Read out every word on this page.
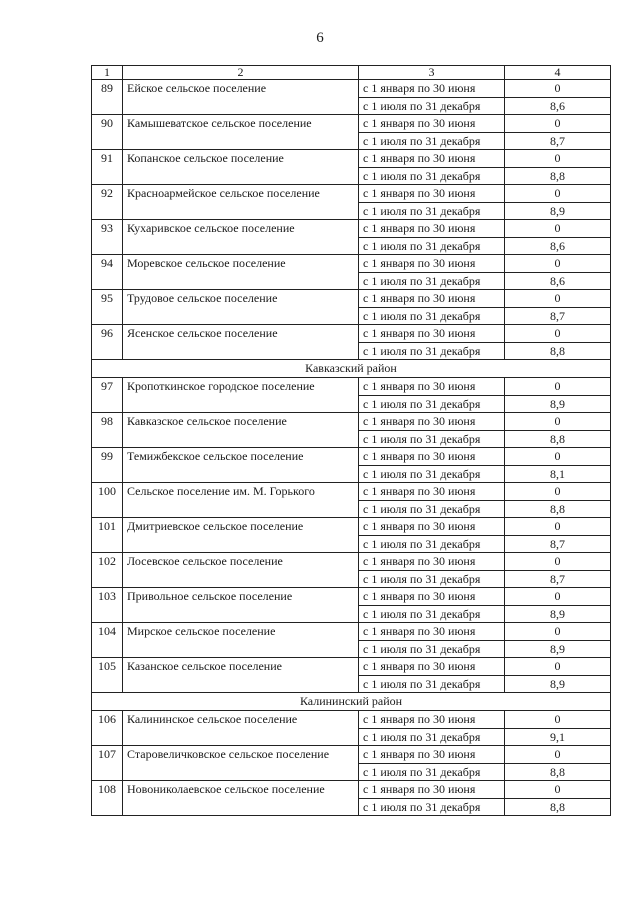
6
1	2	3	4
89	Ейское сельское поселение	с 1 января по 30 июня	0
		с 1 июля по 31 декабря	8,6
90	Камышеватское сельское поселение	с 1 января по 30 июня	0
		с 1 июля по 31 декабря	8,7
91	Копанское сельское поселение	с 1 января по 30 июня	0
		с 1 июля по 31 декабря	8,8
92	Красноармейское сельское поселение	с 1 января по 30 июня	0
		с 1 июля по 31 декабря	8,9
93	Кухаривское сельское поселение	с 1 января по 30 июня	0
		с 1 июля по 31 декабря	8,6
94	Моревское сельское поселение	с 1 января по 30 июня	0
		с 1 июля по 31 декабря	8,6
95	Трудовое сельское поселение	с 1 января по 30 июня	0
		с 1 июля по 31 декабря	8,7
96	Ясенское сельское поселение	с 1 января по 30 июня	0
		с 1 июля по 31 декабря	8,8
Кавказский район			
97	Кропоткинское городское поселение	с 1 января по 30 июня	0
		с 1 июля по 31 декабря	8,9
98	Кавказское сельское поселение	с 1 января по 30 июня	0
		с 1 июля по 31 декабря	8,8
99	Темижбекское сельское поселение	с 1 января по 30 июня	0
		с 1 июля по 31 декабря	8,1
100	Сельское поселение им. М. Горького	с 1 января по 30 июня	0
		с 1 июля по 31 декабря	8,8
101	Дмитриевское сельское поселение	с 1 января по 30 июня	0
		с 1 июля по 31 декабря	8,7
102	Лосевское сельское поселение	с 1 января по 30 июня	0
		с 1 июля по 31 декабря	8,7
103	Привольное сельское поселение	с 1 января по 30 июня	0
		с 1 июля по 31 декабря	8,9
104	Мирское сельское поселение	с 1 января по 30 июня	0
		с 1 июля по 31 декабря	8,9
105	Казанское сельское поселение	с 1 января по 30 июня	0
		с 1 июля по 31 декабря	8,9
Калининский район			
106	Калининское сельское поселение	с 1 января по 30 июня	0
		с 1 июля по 31 декабря	9,1
107	Старовеличковское сельское поселение	с 1 января по 30 июня	0
		с 1 июля по 31 декабря	8,8
108	Новониколаевское сельское поселение	с 1 января по 30 июня	0
		с 1 июля по 31 декабря	8,8
